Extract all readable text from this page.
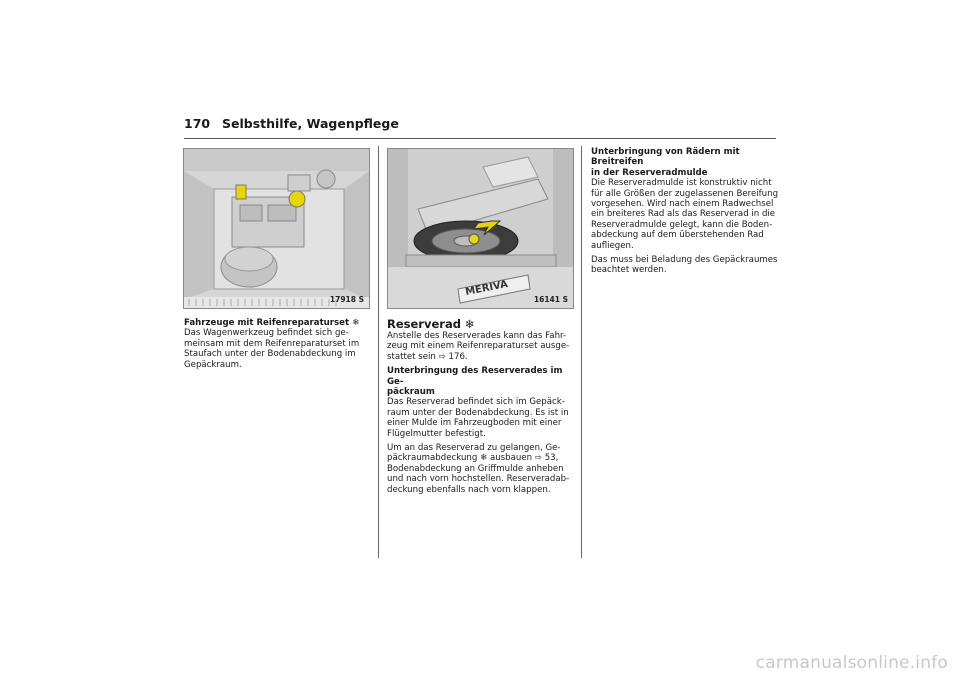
170 Selbsthilfe, Wagenpflege
17918 S
MERIVA
16141 S

Fahrzeuge mit Reifenreparaturset ❄

Das Wagenwerkzeug befindet sich ge-

meinsam mit dem Reifenreparaturset im

Staufach unter der Bodenabdeckung im

Gepäckraum.

Reserverad ❄

Anstelle des Reserverades kann das Fahr-

zeug mit einem Reifenreparaturset ausge-

stattet sein ⇨ 176.

Unterbringung des Reserverades im Ge-

päckraum

Das Reserverad befindet sich im Gepäck-

raum unter der Bodenabdeckung. Es ist in

einer Mulde im Fahrzeugboden mit einer

Flügelmutter befestigt.

Um an das Reserverad zu gelangen, Ge-

päckraumabdeckung ❄ ausbauen ⇨ 53,

Bodenabdeckung an Griffmulde anheben

und nach vorn hochstellen. Reserveradab-

deckung ebenfalls nach vorn klappen.

Unterbringung von Rädern mit Breitreifen

in der Reserveradmulde

Die Reserveradmulde ist konstruktiv nicht

für alle Größen der zugelassenen Bereifung

vorgesehen. Wird nach einem Radwechsel

ein breiteres Rad als das Reserverad in die

Reserveradmulde gelegt, kann die Boden-

abdeckung auf dem überstehenden Rad

aufliegen.

Das muss bei Beladung des Gepäckraumes

beachtet werden.

carmanualsonline.info
